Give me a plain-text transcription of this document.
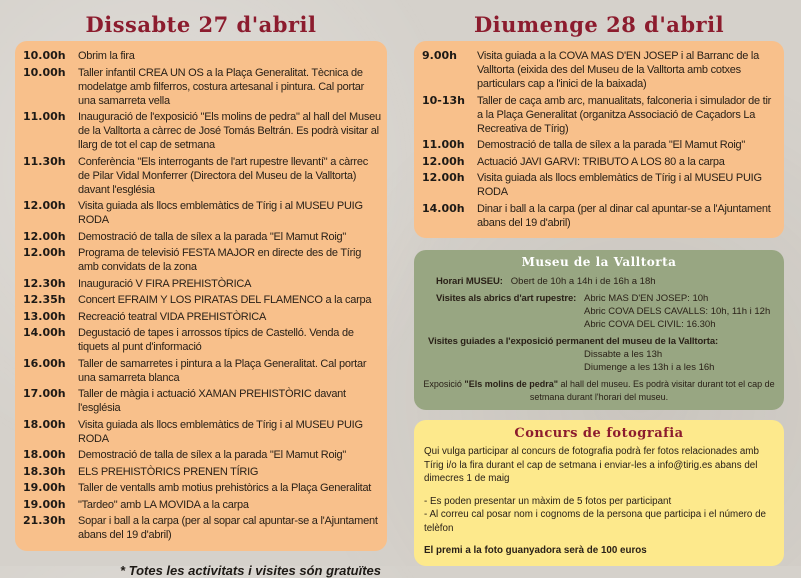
Dissabte 27 d'abril
10.00h	Obrim la fira
10.00h	Taller infantil CREA UN OS a la Plaça Generalitat. Tècnica de modelatge amb filferros, costura artesanal i pintura. Cal portar una samarreta vella
11.00h	Inauguració de l'exposició "Els molins de pedra" al hall del Museu de la Valltorta a càrrec de José Tomás Beltrán. Es podrà visitar al llarg de tot el cap de setmana
11.30h	Conferència "Els interrogants de l'art rupestre llevantí" a càrrec de Pilar Vidal Monferrer (Directora del Museu de la Valltorta) davant l'església
12.00h	Visita guiada als llocs emblemàtics de Tírig i al MUSEU PUIG RODA
12.00h	Demostració de talla de sílex a la parada "El Mamut Roig"
12.00h	Programa de televisió FESTA MAJOR en directe des de Tírig amb convidats de la zona
12.30h	Inauguració V FIRA PREHISTÒRICA
12.35h	Concert EFRAIM Y LOS PIRATAS DEL FLAMENCO a la carpa
13.00h	Recreació teatral VIDA PREHISTÒRICA
14.00h	Degustació de tapes i arrossos típics de Castelló. Venda de tiquets al punt d'informació
16.00h	Taller de samarretes i pintura a la Plaça Generalitat. Cal portar una samarreta blanca
17.00h	Taller de màgia i actuació XAMAN PREHISTÒRIC davant l'església
18.00h	Visita guiada als llocs emblemàtics de Tírig i al MUSEU PUIG RODA
18.00h	Demostració de talla de sílex a la parada "El Mamut Roig"
18.30h	ELS PREHISTÒRICS PRENEN TÍRIG
19.00h	Taller de ventalls amb motius prehistòrics a la Plaça Generalitat
19.00h	"Tardeo" amb LA MOVIDA a la carpa
21.30h	Sopar i ball a la carpa (per al sopar cal apuntar-se a l'Ajuntament abans del 19 d'abril)
* Totes les activitats i visites són gratuïtes
Diumenge 28 d'abril
9.00h	Visita guiada a la COVA MAS D'EN JOSEP i al Barranc de la Valltorta (eixida des del Museu de la Valltorta amb cotxes particulars cap a l'inici de la baixada)
10-13h	Taller de caça amb arc, manualitats, falconeria i simulador de tir a la Plaça Generalitat (organitza Associació de Caçadors La Recreativa de Tírig)
11.00h	Demostració de talla de sílex a la parada "El Mamut Roig"
12.00h	Actuació JAVI GARVI: TRIBUTO A LOS 80 a la carpa
12.00h	Visita guiada als llocs emblemàtics de Tírig i al MUSEU PUIG RODA
14.00h	Dinar i ball a la carpa (per al dinar cal apuntar-se a l'Ajuntament abans del 19 d'abril)
Museu de la Valltorta
Horari MUSEU: Obert de 10h a 14h i de 16h a 18h
Visites als abrics d'art rupestre: Abric MAS D'EN JOSEP: 10h
Abric COVA DELS CAVALLS: 10h, 11h i 12h
Abric COVA DEL CIVIL: 16.30h
Visites guiades a l'exposició permanent del museu de la Valltorta:
Dissabte a les 13h
Diumenge a les 13h i a les 16h
Exposició "Els molins de pedra" al hall del museu. Es podrà visitar durant tot el cap de setmana durant l'horari del museu.
Concurs de fotografia

Qui vulga participar al concurs de fotografia podrà fer fotos relacionades amb Tírig i/o la fira durant el cap de setmana i enviar-les a info@tirig.es abans del dimecres 1 de maig

- Es poden presentar un màxim de 5 fotos per participant

- Al correu cal posar nom i cognoms de la persona que participa i el número de telèfon

El premi a la foto guanyadora serà de 100 euros
